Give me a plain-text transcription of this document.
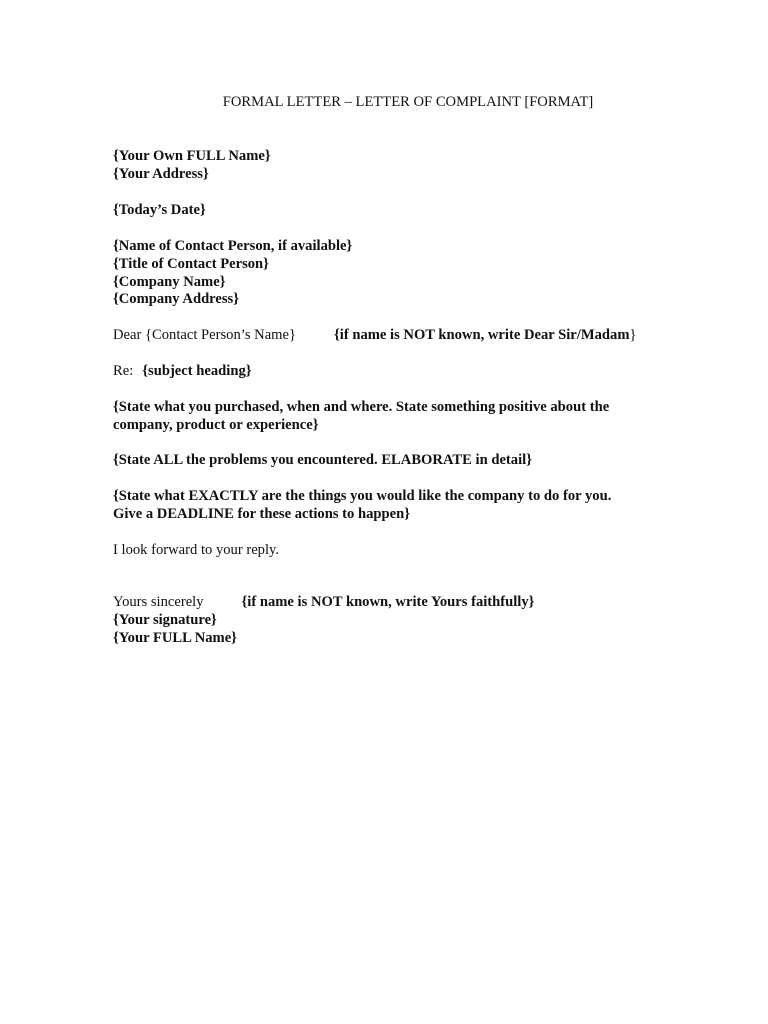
FORMAL LETTER – LETTER OF COMPLAINT [FORMAT]
{Your Own FULL Name}
{Your Address}
{Today’s Date}
{Name of Contact Person, if available}
{Title of Contact Person}
{Company Name}
{Company Address}
Dear {Contact Person’s Name}	{if name is NOT known, write Dear Sir/Madam}
Re: {subject heading}
{State what you purchased, when and where. State something positive about the
company, product or experience}
{State ALL the problems you encountered. ELABORATE in detail}
{State what EXACTLY are the things you would like the company to do for you.
Give a DEADLINE for these actions to happen}
I look forward to your reply.
Yours sincerely	{if name is NOT known, write Yours faithfully}
{Your signature}
{Your FULL Name}
